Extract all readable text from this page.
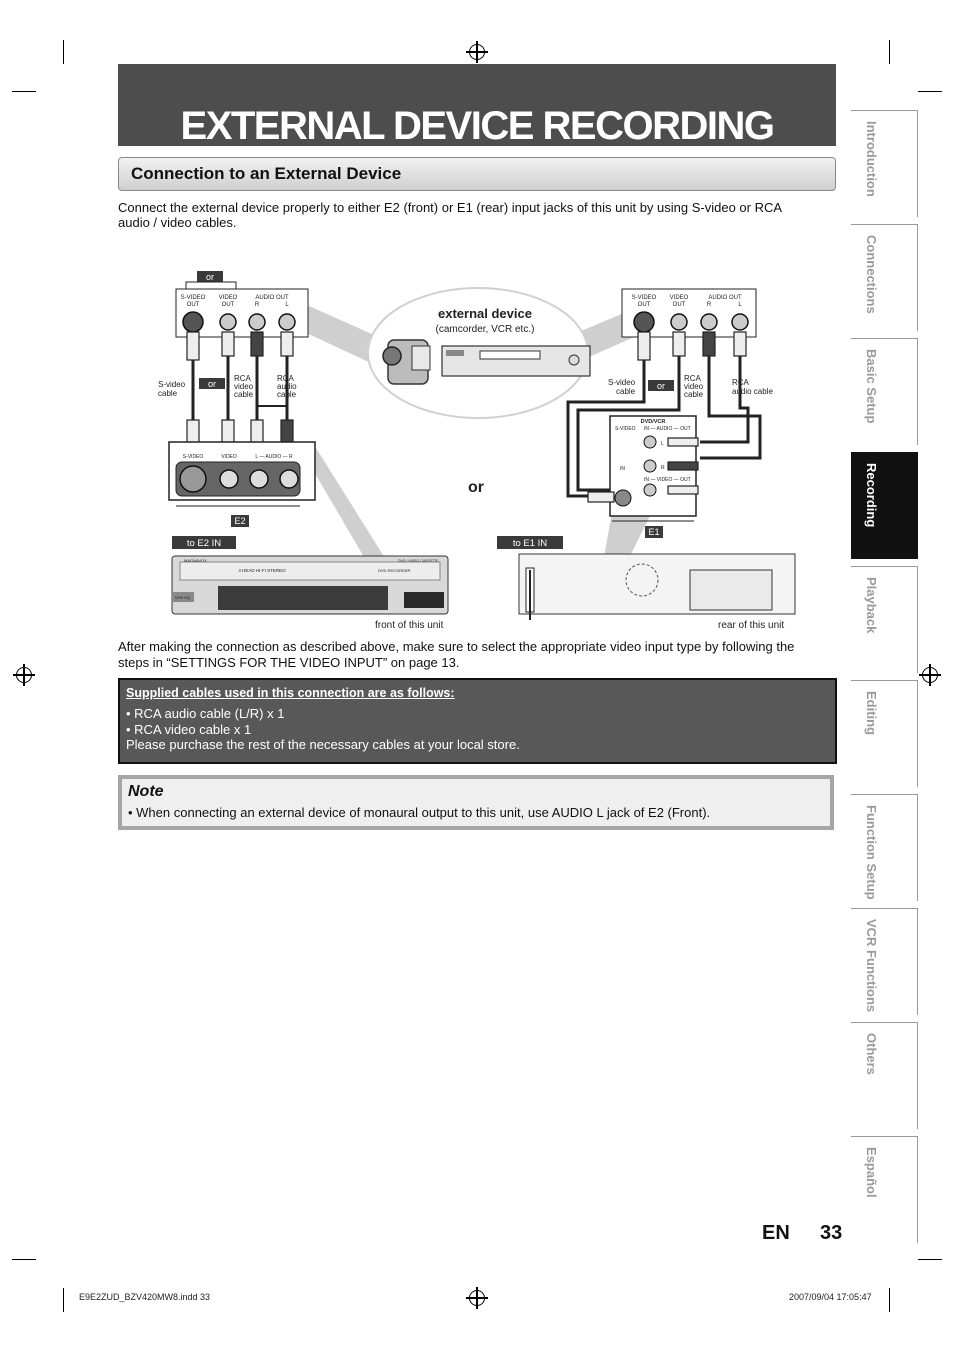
EXTERNAL DEVICE RECORDING
Connection to an External Device
Connect the external device properly to either E2 (front) or E1 (rear) input jacks of this unit by using S-video or RCA
audio / video cables.
external device
(camcorder, VCR etc.)
or
S-VIDEO
OUT
VIDEO
OUT
AUDIO OUT
R	L
or
S-video
cable
RCA
video
cable
RCA
audio
cable
S-VIDEO	VIDEO	L — AUDIO — R
E2
to E2 IN
MAGNAVOX
4 HEAD HI-FI STEREO
DVD / VIDEO CASSETTE
DVD RECORDER
VHS HQ
front of this unit
or
S-VIDEO
OUT
VIDEO
OUT
AUDIO OUT
R	L
or
S-video
cable
RCA
video
cable
RCA
audio cable
DVD/VCR
S-VIDEO IN — AUDIO — OUT
IN
L
R
IN — VIDEO — OUT
E1
to E1 IN
rear of this unit
After making the connection as described above, make sure to select the appropriate video input type by following the
steps in “SETTINGS FOR THE VIDEO INPUT” on page 13.
Supplied cables used in this connection are as follows:
• RCA audio cable (L/R) x 1
• RCA video cable x 1
Please purchase the rest of the necessary cables at your local store.
Note
• When connecting an external device of monaural output to this unit, use AUDIO L jack of E2 (Front).
Introduction
Connections
Basic Setup
Recording
Playback
Editing
Function Setup
VCR Functions
Others
Español
EN 33
E9E2ZUD_BZV420MW8.indd 33	2007/09/04 17:05:47
